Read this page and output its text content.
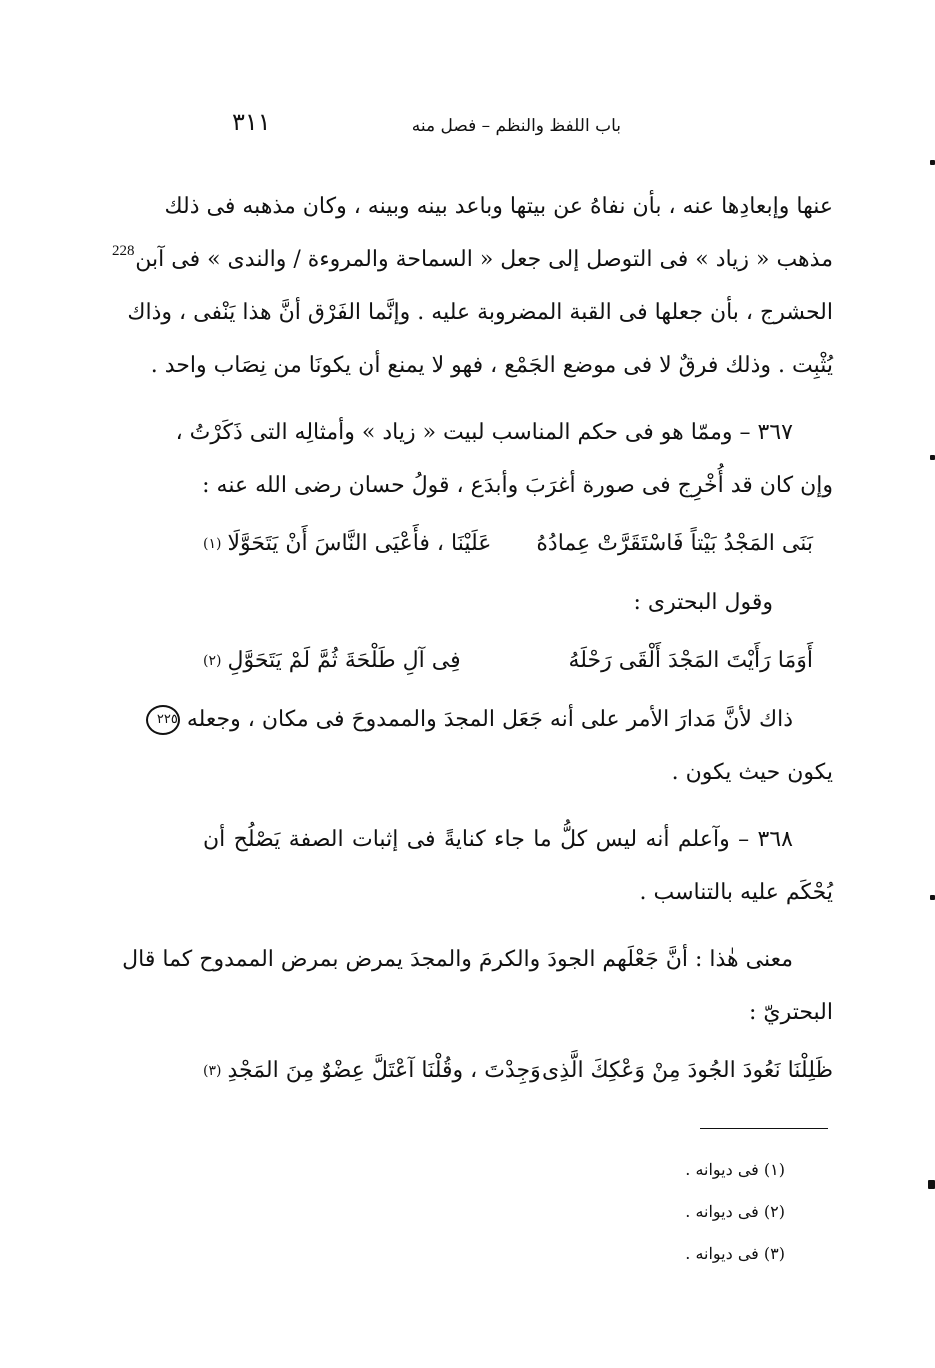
باب اللفظ والنظم – فصل منه
٣١١
228
عنها وإبعادِها عنه ، بأن نفاهُ عن بيتها وباعد بينه وبينه ، وكان مذهبه فى ذلك
مذهب « زياد » فى التوصل إلى جعل « السماحة والمروءة / والندى » فى آبن
الحشرج ، بأن جعلها فى القبة المضروبة عليه . وإنَّما الفَرْق أنَّ هذا يَنْفى ، وذاك
يُثْبِت . وذلك فرقٌ لا فى موضع الجَمْع ، فهو لا يمنع أن يكونَا من نِصَاب واحد .
٣٦٧ – وممّا هو فى حكم المناسب لبيت « زياد » وأمثالِه التى ذَكَرْتُ ،
وإن كان قد أُخْرِج فى صورة أغرَبَ وأبدَع ، قولُ حسان رضى الله عنه :
بَنَى المَجْدُ بَيْتاً فَاسْتَقَرَّتْ عِمادُهُ
عَلَيْنَا ، فأَعْيَى النَّاسَ أَنْ يَتَحَوَّلَا
(١)
وقول البحترى :
أَوَمَا رَأَيْتَ المَجْدَ أَلْقَى رَحْلَهُ
فِى آلِ طَلْحَةَ ثُمَّ لَمْ يَتَحَوَّلِ
(٢)
ذاك لأنَّ مَدارَ الأمر على أنه جَعَل المجدَ والممدوحَ فى مكان ، وجعله ٢٢٥
يكون حيث يكون .
٣٦٨ – وآعلم أنه ليس كلُّ ما جاء كنايةً فى إثبات الصفة يَصْلُح أن
يُحْكَم عليه بالتناسب .
معنى هٰذا : أنَّ جَعْلَهم الجودَ والكرمَ والمجدَ يمرض بمرض الممدوح كما قال
البحتريّ :
ظَلِلْنَا نَعُودَ الجُودَ مِنْ وَعْكِكَ الَّذِى
وَجِدْتَ ، وقُلْنَا آعْتَلَّ عِضْوٌ مِنَ المَجْدِ
(٣)
(١) فى ديوانه .
(٢) فى ديوانه .
(٣) فى ديوانه .
